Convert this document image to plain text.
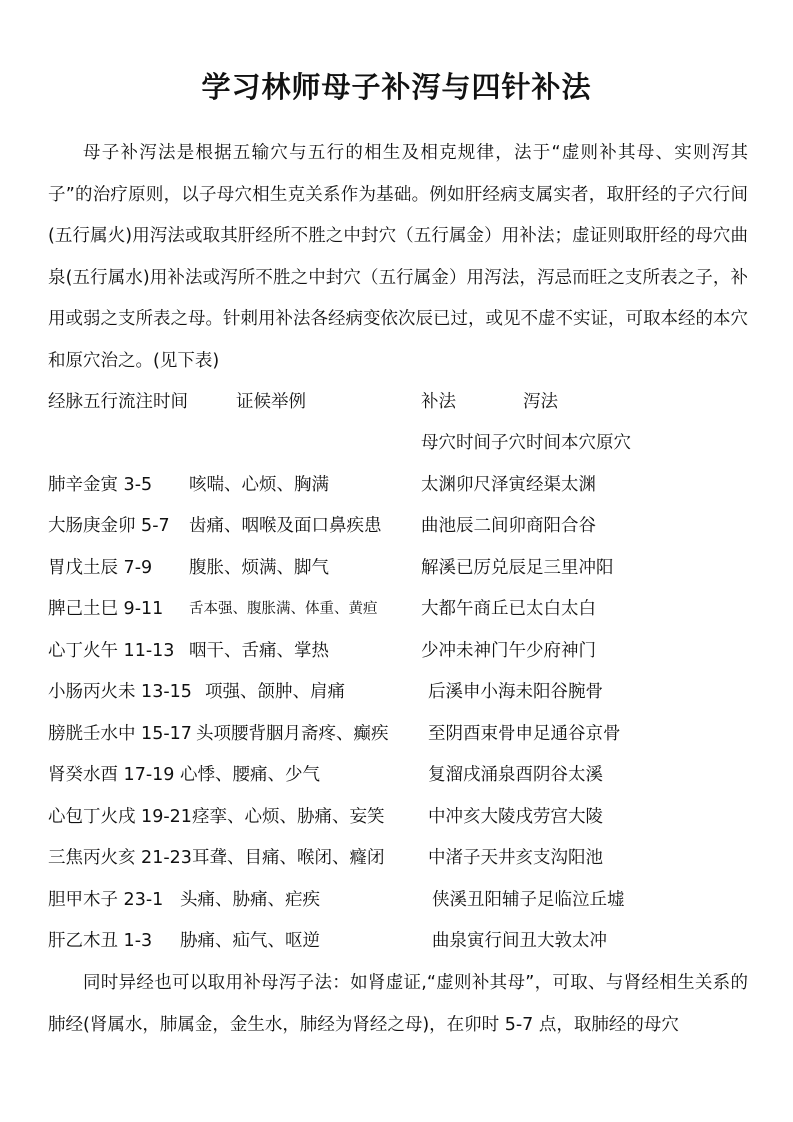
学习林师母子补泻与四针补法

母子补泻法是根据五输穴与五行的相生及相克规律，法于“虚则补其母、实则泻其子”的治疗原则，以子母穴相生克关系作为基础。例如肝经病支属实者，取肝经的子穴行间(五行属火)用泻法或取其肝经所不胜之中封穴（五行属金）用补法；虚证则取肝经的母穴曲泉(五行属水)用补法或泻所不胜之中封穴（五行属金）用泻法，泻忌而旺之支所表之子，补用或弱之支所表之母。针刺用补法各经病变依次辰已过，或见不虚不实证，可取本经的本穴和原穴治之。(见下表)

经脉五行流注时间	证候举例	补法	泻法
母穴时间子穴时间本穴原穴
肺辛金寅 3-5 咳喘、心烦、胸满	太渊卯尺泽寅经渠太渊
大肠庚金卯 5-7 齿痛、咽喉及面口鼻疾患 曲池辰二间卯商阳合谷
胃戊土辰 7-9 腹胀、烦满、脚气	解溪已厉兑辰足三里冲阳
脾己土巳 9-11 舌本强、腹胀满、体重、黄疸 大都午商丘已太白太白
心丁火午 11-13 咽干、舌痛、掌热	少冲未神门午少府神门
小肠丙火未 13-15 项强、颌肿、肩痛	后溪申小海未阳谷腕骨
膀胱壬水中 15-17 头项腰背胭月斋疼、癫疾 至阴酉束骨申足通谷京骨
肾癸水酉 17-19 心悸、腰痛、少气	复溜戌涌泉酉阴谷太溪
心包丁火戌 19-21 痉挛、心烦、胁痛、妄笑 中冲亥大陵戌劳宫大陵
三焦丙火亥 21-23 耳聋、目痛、喉闭、癃闭 中渚子天井亥支沟阳池
胆甲木子 23-1 头痛、胁痛、疟疾	侠溪丑阳辅子足临泣丘墟
肝乙木丑 1-3 胁痛、疝气、呕逆	曲泉寅行间丑大敦太冲

同时异经也可以取用补母泻子法：如肾虚证,“虚则补其母”，可取、与肾经相生关系的肺经(肾属水，肺属金，金生水，肺经为肾经之母)，在卯时 5-7 点，取肺经的母穴
